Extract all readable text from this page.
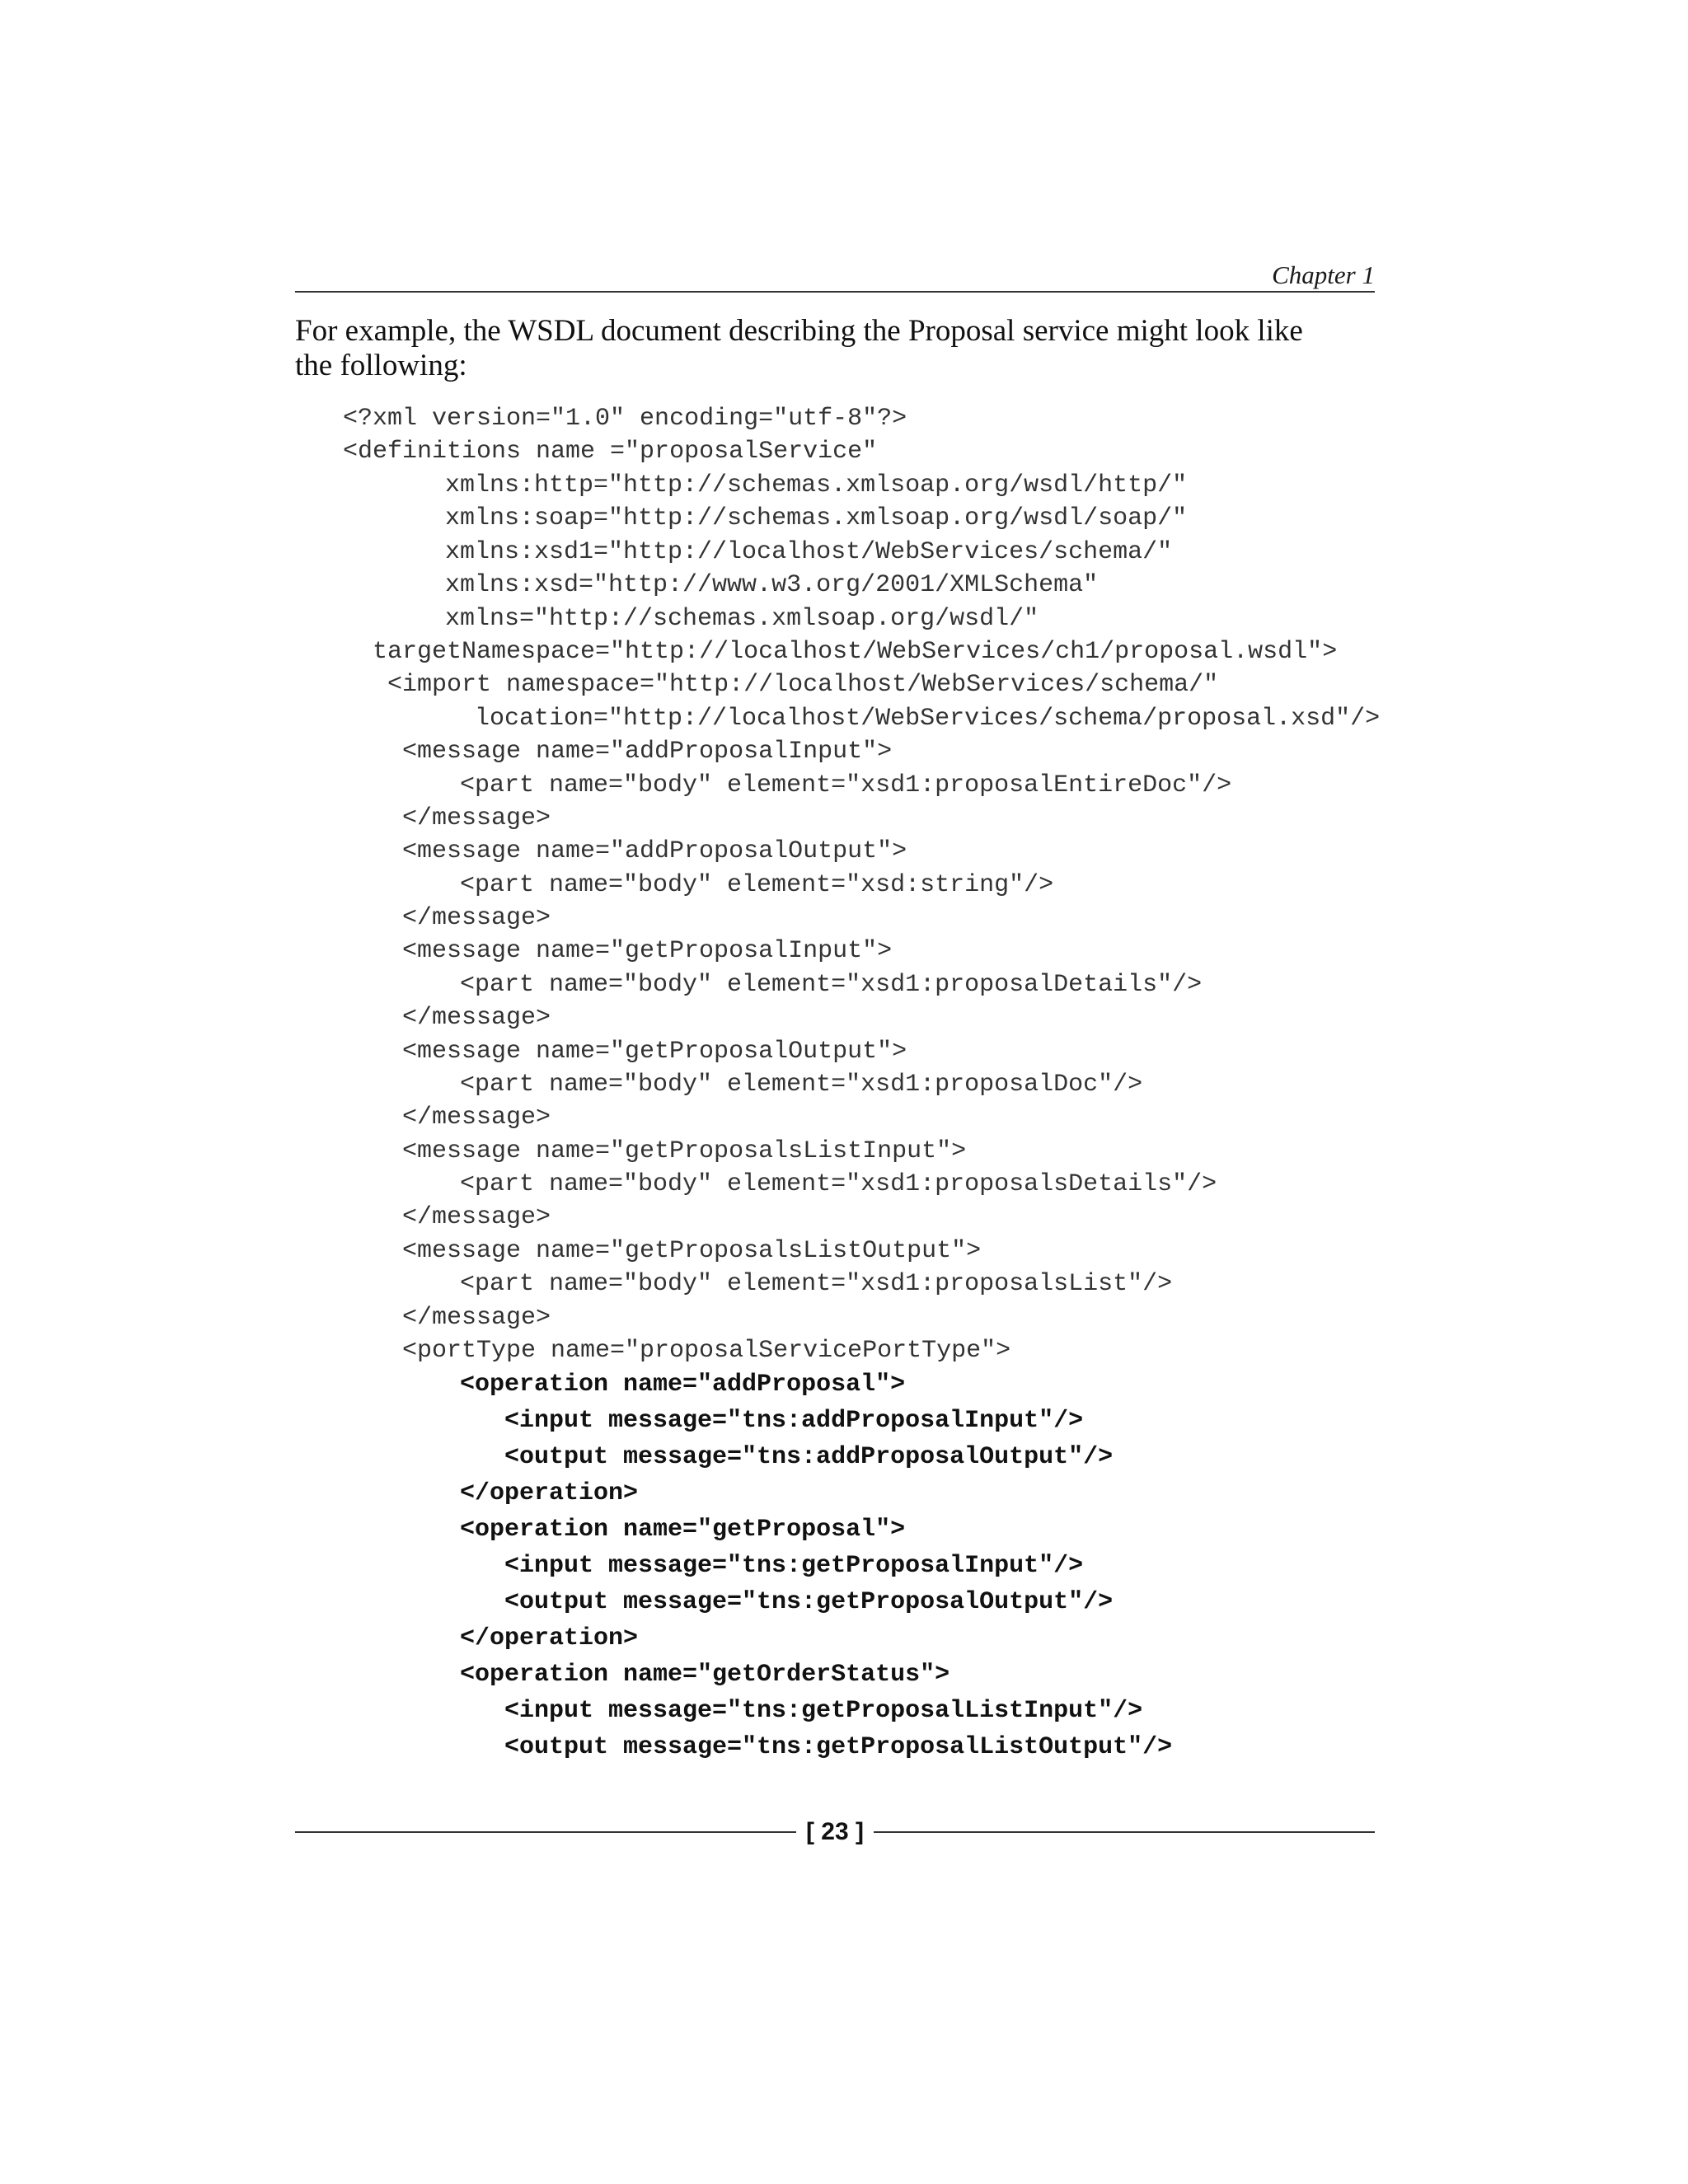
Chapter 1
For example, the WSDL document describing the Proposal service might look like
the following:
<?xml version="1.0" encoding="utf-8"?>
<definitions name ="proposalService"
xmlns:http="http://schemas.xmlsoap.org/wsdl/http/"
xmlns:soap="http://schemas.xmlsoap.org/wsdl/soap/"
xmlns:xsd1="http://localhost/WebServices/schema/"
xmlns:xsd="http://www.w3.org/2001/XMLSchema"
xmlns="http://schemas.xmlsoap.org/wsdl/"
targetNamespace="http://localhost/WebServices/ch1/proposal.wsdl">
<import namespace="http://localhost/WebServices/schema/"
location="http://localhost/WebServices/schema/proposal.xsd"/>
<message name="addProposalInput">
<part name="body" element="xsd1:proposalEntireDoc"/>
</message>
<message name="addProposalOutput">
<part name="body" element="xsd:string"/>
</message>
<message name="getProposalInput">
<part name="body" element="xsd1:proposalDetails"/>
</message>
<message name="getProposalOutput">
<part name="body" element="xsd1:proposalDoc"/>
</message>
<message name="getProposalsListInput">
<part name="body" element="xsd1:proposalsDetails"/>
</message>
<message name="getProposalsListOutput">
<part name="body" element="xsd1:proposalsList"/>
</message>
<portType name="proposalServicePortType">
<operation name="addProposal">
<input message="tns:addProposalInput"/>
<output message="tns:addProposalOutput"/>
</operation>
<operation name="getProposal">
<input message="tns:getProposalInput"/>
<output message="tns:getProposalOutput"/>
</operation>
<operation name="getOrderStatus">
<input message="tns:getProposalListInput"/>
<output message="tns:getProposalListOutput"/>
[ 23 ]
